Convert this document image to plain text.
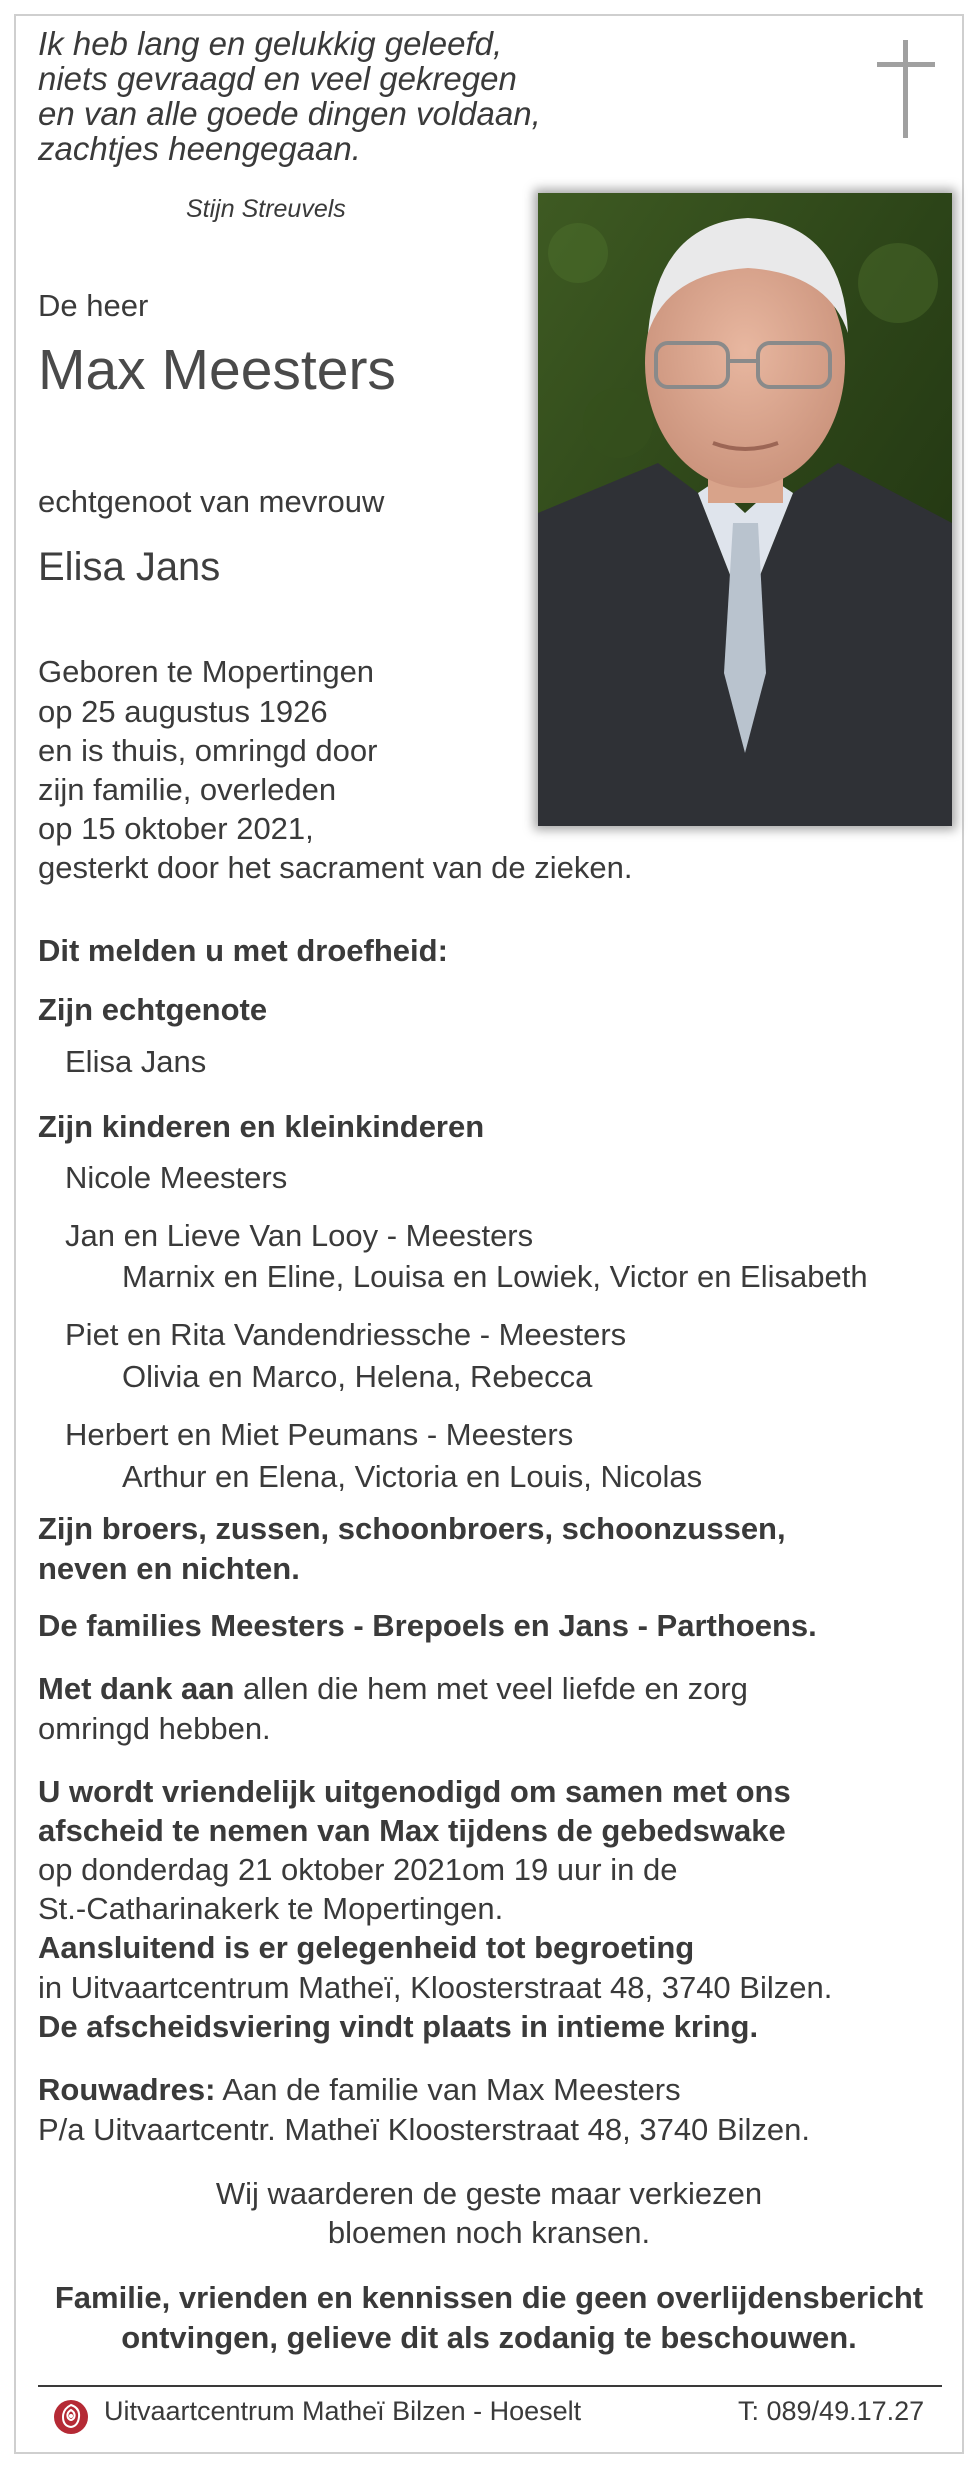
Ik heb lang en gelukkig geleefd,
niets gevraagd en veel gekregen
en van alle goede dingen voldaan,
zachtjes heengegaan.
Stijn Streuvels
De heer
Max Meesters
echtgenoot van mevrouw
Elisa Jans
Geboren te Mopertingen
op 25 augustus 1926
en is thuis, omringd door
zijn familie, overleden
op 15 oktober 2021,
gesterkt door het sacrament van de zieken.
Dit melden u met droefheid:
Zijn echtgenote
Elisa Jans
Zijn kinderen en kleinkinderen
Nicole Meesters
Jan en Lieve Van Looy - Meesters
Marnix en Eline, Louisa en Lowiek, Victor en Elisabeth
Piet en Rita Vandendriessche - Meesters
Olivia en Marco, Helena, Rebecca
Herbert en Miet Peumans - Meesters
Arthur en Elena, Victoria en Louis, Nicolas
Zijn broers, zussen, schoonbroers, schoonzussen,
neven en nichten.
De families Meesters - Brepoels en Jans - Parthoens.
Met dank aan allen die hem met veel liefde en zorg
omringd hebben.
U wordt vriendelijk uitgenodigd om samen met ons
afscheid te nemen van Max tijdens de gebedswake
op donderdag 21 oktober 2021om 19 uur in de
St.-Catharinakerk te Mopertingen.
Aansluitend is er gelegenheid tot begroeting
in Uitvaartcentrum Matheï, Kloosterstraat 48, 3740 Bilzen.
De afscheidsviering vindt plaats in intieme kring.
Rouwadres: Aan de familie van Max Meesters
P/a Uitvaartcentr. Matheï Kloosterstraat 48, 3740 Bilzen.
Wij waarderen de geste maar verkiezen
bloemen noch kransen.
Familie, vrienden en kennissen die geen overlijdensbericht
ontvingen, gelieve dit als zodanig te beschouwen.
Uitvaartcentrum Matheï Bilzen - Hoeselt	T: 089/49.17.27
